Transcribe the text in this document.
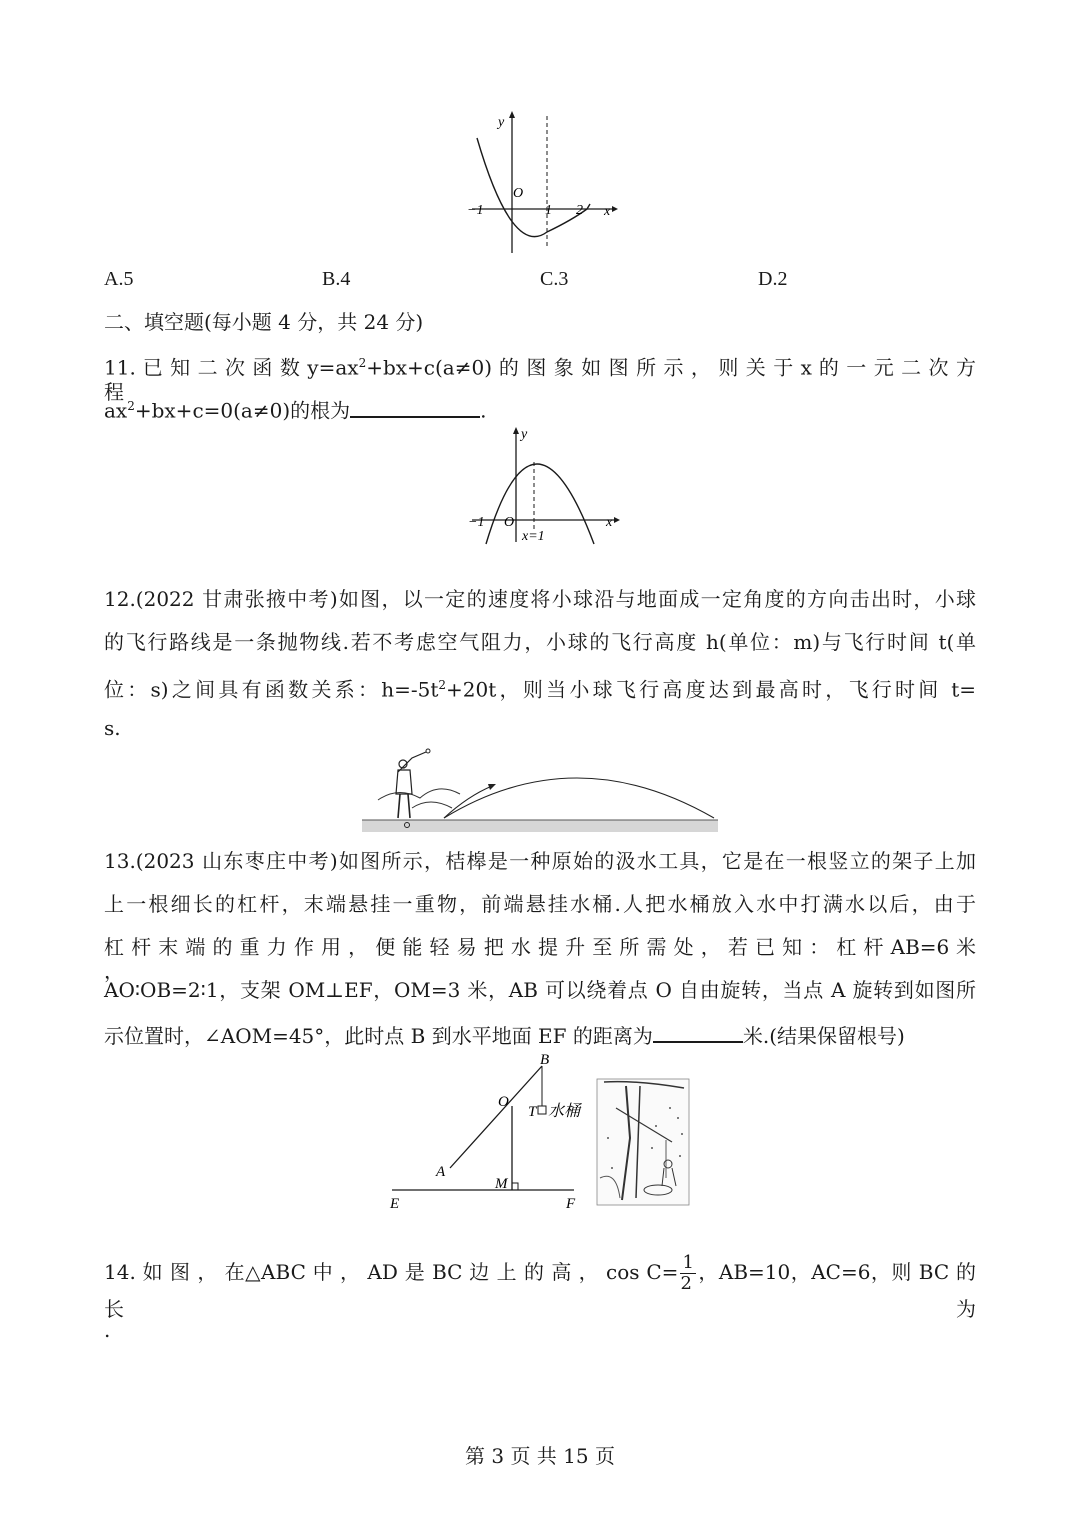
y
x
O
−1	1 2
A.5	B.4	C.3	D.2
二、填空题(每小题 4 分，共 24 分)
11. 已 知 二 次 函 数 $y=ax^2+bx+c(a\ne 0)$ 的 图 象 如 图 所 示 ， 则 关 于 x 的 一 元 二 次 方 程
$ax^2+bx+c=0(a\ne 0)$的根为	.
y
x
O
−1
x=1
12.(2022 甘肃张掖中考)如图，以一定的速度将小球沿与地面成一定角度的方向击出时，小球
的飞行路线是一条抛物线.若不考虑空气阻力，小球的飞行高度 h(单位：m)与飞行时间 t(单
位：s)之间具有函数关系：$h=-5t^2+20t$，则当小球飞行高度达到最高时，飞行时间 t=
s.
13.(2023 山东枣庄中考)如图所示，桔槔是一种原始的汲水工具，它是在一根竖立的架子上加
上一根细长的杠杆，末端悬挂一重物，前端悬挂水桶.人把水桶放入水中打满水以后，由于
杠 杆 末 端 的 重 力 作 用 ， 便 能 轻 易 把 水 提 升 至 所 需 处 ， 若 已 知 ： 杠 杆 AB=6 米 ，
AO∶OB=2∶1，支架 OM⊥EF，OM=3 米，AB 可以绕着点 O 自由旋转，当点 A 旋转到如图所
示位置时，∠AOM=45°，此时点 B 到水平地面 EF 的距离为	米.(结果保留根号)
B
O
T 水桶
A
M
E	F
14. 如 图 ， 在△ABC 中 ， AD 是 BC 边 上 的 高 ， $\cos C= \frac{1}{2}$ ，AB=10，AC=6，则 BC 的长为
.
第 3 页 共 15 页
